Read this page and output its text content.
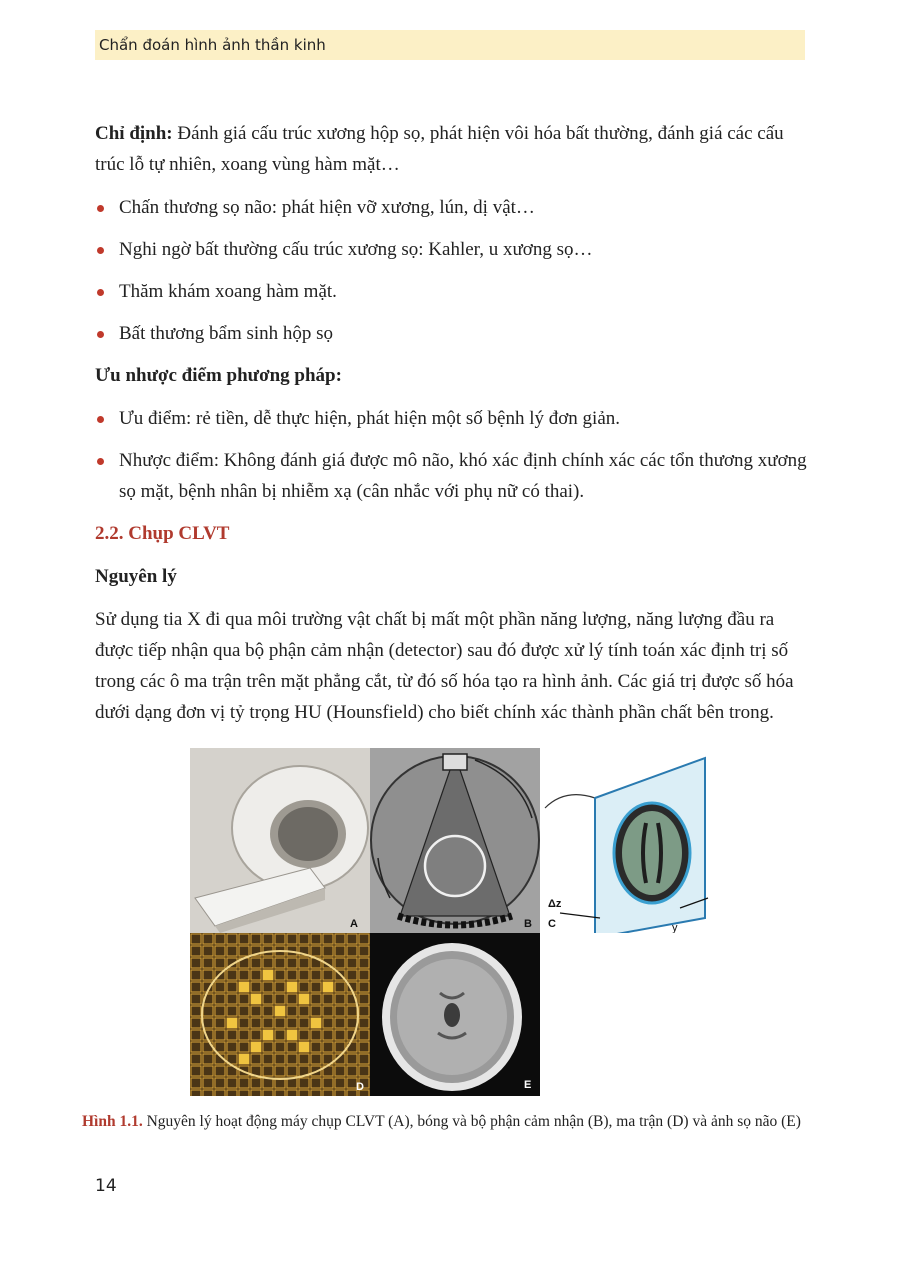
Chẩn đoán hình ảnh thần kinh

Chỉ định: Đánh giá cấu trúc xương hộp sọ, phát hiện vôi hóa bất thường, đánh giá các cấu trúc lỗ tự nhiên, xoang vùng hàm mặt…

Chấn thương sọ não: phát hiện vỡ xương, lún, dị vật…
Nghi ngờ bất thường cấu trúc xương sọ: Kahler, u xương sọ…
Thăm khám xoang hàm mặt.
Bất thương bẩm sinh hộp sọ

Ưu nhược điểm phương pháp:

Ưu điểm: rẻ tiền, dễ thực hiện, phát hiện một số bệnh lý đơn giản.
Nhược điểm: Không đánh giá được mô não, khó xác định chính xác các tổn thương xương sọ mặt, bệnh nhân bị nhiễm xạ (cân nhắc với phụ nữ có thai).

2.2. Chụp CLVT

Nguyên lý

Sử dụng tia X đi qua môi trường vật chất bị mất một phần năng lượng, năng lượng đầu ra được tiếp nhận qua bộ phận cảm nhận (detector) sau đó được xử lý tính toán xác định trị số trong các ô ma trận trên mặt phẳng cắt, từ đó số hóa tạo ra hình ảnh. Các giá trị được số hóa dưới dạng đơn vị tỷ trọng HU (Hounsfield) cho biết chính xác thành phần chất bên trong.

A	B
Δz
C	y
D	E
Hình 1.1. Nguyên lý hoạt động máy chụp CLVT (A), bóng và bộ phận cảm nhận (B), ma trận (D) và ảnh sọ não (E)
14
